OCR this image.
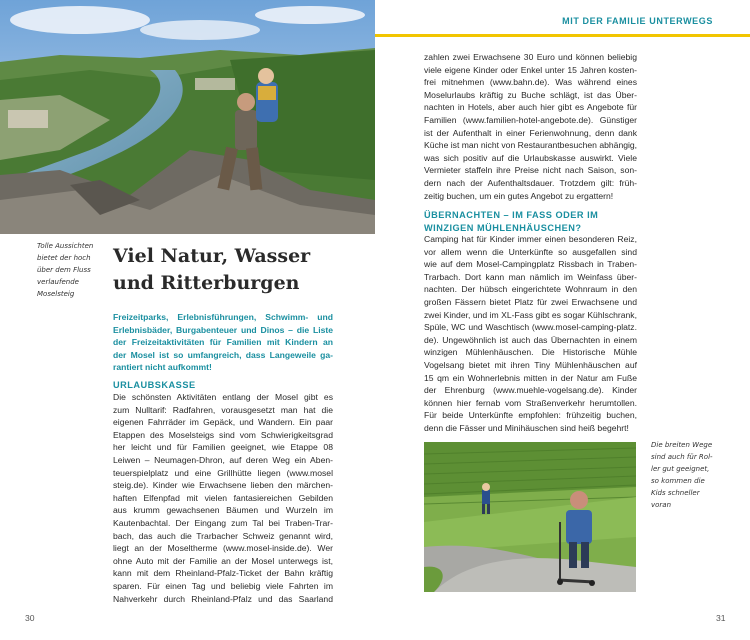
MIT DER FAMILIE UNTERWEGS
Tolle Aussichten
bietet der hoch
über dem Fluss
verlaufende
Moselsteig
Viel Natur, Wasser
und Ritterburgen
Freizeitparks, Erlebnisführungen, Schwimm- und
Erlebnisbäder, Burgabenteuer und Dinos – die Liste
der Freizeitaktivitäten für Familien mit Kindern an
der Mosel ist so umfangreich, dass Langeweile ga-
rantiert nicht aufkommt!
URLAUBSKASSE
Die schönsten Aktivitäten entlang der Mosel gibt es
zum Nulltarif: Radfahren, vorausgesetzt man hat die
eigenen Fahrräder im Gepäck, und Wandern. Ein paar
Etappen des Moselsteigs sind vom Schwierigkeitsgrad
her leicht und für Familien geeignet, wie Etappe 08
Leiwen – Neumagen-Dhron, auf deren Weg ein Aben-
teuerspielplatz und eine Grillhütte liegen (www.mosel
steig.de). Kinder wie Erwachsene lieben den märchen-
haften Elfenpfad mit vielen fantasiereichen Gebilden
aus krumm gewachsenen Bäumen und Wurzeln im
Kautenbachtal. Der Eingang zum Tal bei Traben-Trar-
bach, das auch die Trarbacher Schweiz genannt wird,
liegt an der Moseltherme (www.mosel-inside.de). Wer
ohne Auto mit der Familie an der Mosel unterwegs ist,
kann mit dem Rheinland-Pfalz-Ticket der Bahn kräftig
sparen. Für einen Tag und beliebig viele Fahrten im
Nahverkehr durch Rheinland-Pfalz und das Saarland
zahlen zwei Erwachsene 30 Euro und können beliebig
viele eigene Kinder oder Enkel unter 15 Jahren kosten-
frei mitnehmen (www.bahn.de). Was während eines
Moselurlaubs kräftig zu Buche schlägt, ist das Über-
nachten in Hotels, aber auch hier gibt es Angebote für
Familien (www.familien-hotel-angebote.de). Günstiger
ist der Aufenthalt in einer Ferienwohnung, denn dank
Küche ist man nicht von Restaurantbesuchen abhängig,
was sich positiv auf die Urlaubskasse auswirkt. Viele
Vermieter staffeln ihre Preise nicht nach Saison, son-
dern nach der Aufenthaltsdauer. Trotzdem gilt: früh-
zeitig buchen, um ein gutes Angebot zu ergattern!
ÜBERNACHTEN – IM FASS ODER IM
WINZIGEN MÜHLENHÄUSCHEN?
Camping hat für Kinder immer einen besonderen Reiz,
vor allem wenn die Unterkünfte so ausgefallen sind
wie auf dem Mosel-Campingplatz Rissbach in Traben-
Trarbach. Dort kann man nämlich im Weinfass über-
nachten. Der hübsch eingerichtete Wohnraum in den
großen Fässern bietet Platz für zwei Erwachsene und
zwei Kinder, und im XL-Fass gibt es sogar Kühlschrank,
Spüle, WC und Waschtisch (www.mosel-camping-platz.
de). Ungewöhnlich ist auch das Übernachten in einem
winzigen Mühlenhäuschen. Die Historische Mühle
Vogelsang bietet mit ihren Tiny Mühlenhäuschen auf
15 qm ein Wohnerlebnis mitten in der Natur am Fuße
der Ehrenburg (www.muehle-vogelsang.de). Kinder
können hier fernab vom Straßenverkehr herumtollen.
Für beide Unterkünfte empfohlen: frühzeitig buchen,
denn die Fässer und Minihäuschen sind heiß begehrt!
Die breiten Wege
sind auch für Rol-
ler gut geeignet,
so kommen die
Kids schneller
voran
30	31
